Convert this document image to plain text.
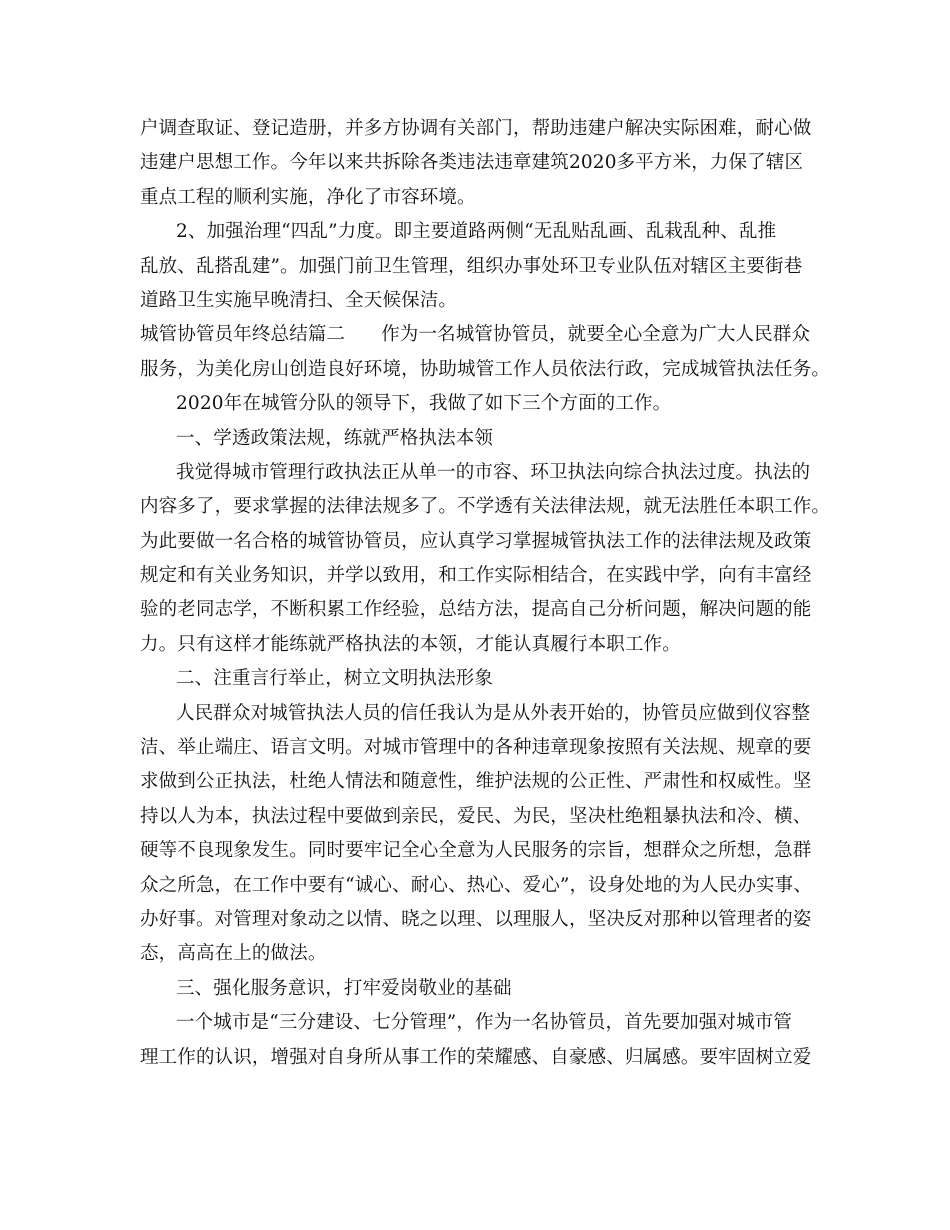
户调查取证、登记造册，并多方协调有关部门，帮助违建户解决实际困难，耐心做
违建户思想工作。今年以来共拆除各类违法违章建筑2020多平方米，力保了辖区
重点工程的顺利实施，净化了市容环境。
2、加强治理“四乱”力度。即主要道路两侧“无乱贴乱画、乱栽乱种、乱推
乱放、乱搭乱建”。加强门前卫生管理，组织办事处环卫专业队伍对辖区主要街巷
道路卫生实施早晚清扫、全天候保洁。
城管协管员年终总结篇二 作为一名城管协管员，就要全心全意为广大人民群众
服务，为美化房山创造良好环境，协助城管工作人员依法行政，完成城管执法任务。
2020年在城管分队的领导下，我做了如下三个方面的工作。
一、学透政策法规，练就严格执法本领
我觉得城市管理行政执法正从单一的市容、环卫执法向综合执法过度。执法的
内容多了，要求掌握的法律法规多了。不学透有关法律法规，就无法胜任本职工作。
为此要做一名合格的城管协管员，应认真学习掌握城管执法工作的法律法规及政策
规定和有关业务知识，并学以致用，和工作实际相结合，在实践中学，向有丰富经
验的老同志学，不断积累工作经验，总结方法，提高自己分析问题，解决问题的能
力。只有这样才能练就严格执法的本领，才能认真履行本职工作。
二、注重言行举止，树立文明执法形象
人民群众对城管执法人员的信任我认为是从外表开始的，协管员应做到仪容整
洁、举止端庄、语言文明。对城市管理中的各种违章现象按照有关法规、规章的要
求做到公正执法，杜绝人情法和随意性，维护法规的公正性、严肃性和权威性。坚
持以人为本，执法过程中要做到亲民，爱民、为民，坚决杜绝粗暴执法和冷、横、
硬等不良现象发生。同时要牢记全心全意为人民服务的宗旨，想群众之所想，急群
众之所急，在工作中要有“诚心、耐心、热心、爱心”，设身处地的为人民办实事、
办好事。对管理对象动之以情、晓之以理、以理服人，坚决反对那种以管理者的姿
态，高高在上的做法。
三、强化服务意识，打牢爱岗敬业的基础
一个城市是“三分建设、七分管理”，作为一名协管员，首先要加强对城市管
理工作的认识，增强对自身所从事工作的荣耀感、自豪感、归属感。要牢固树立爱
